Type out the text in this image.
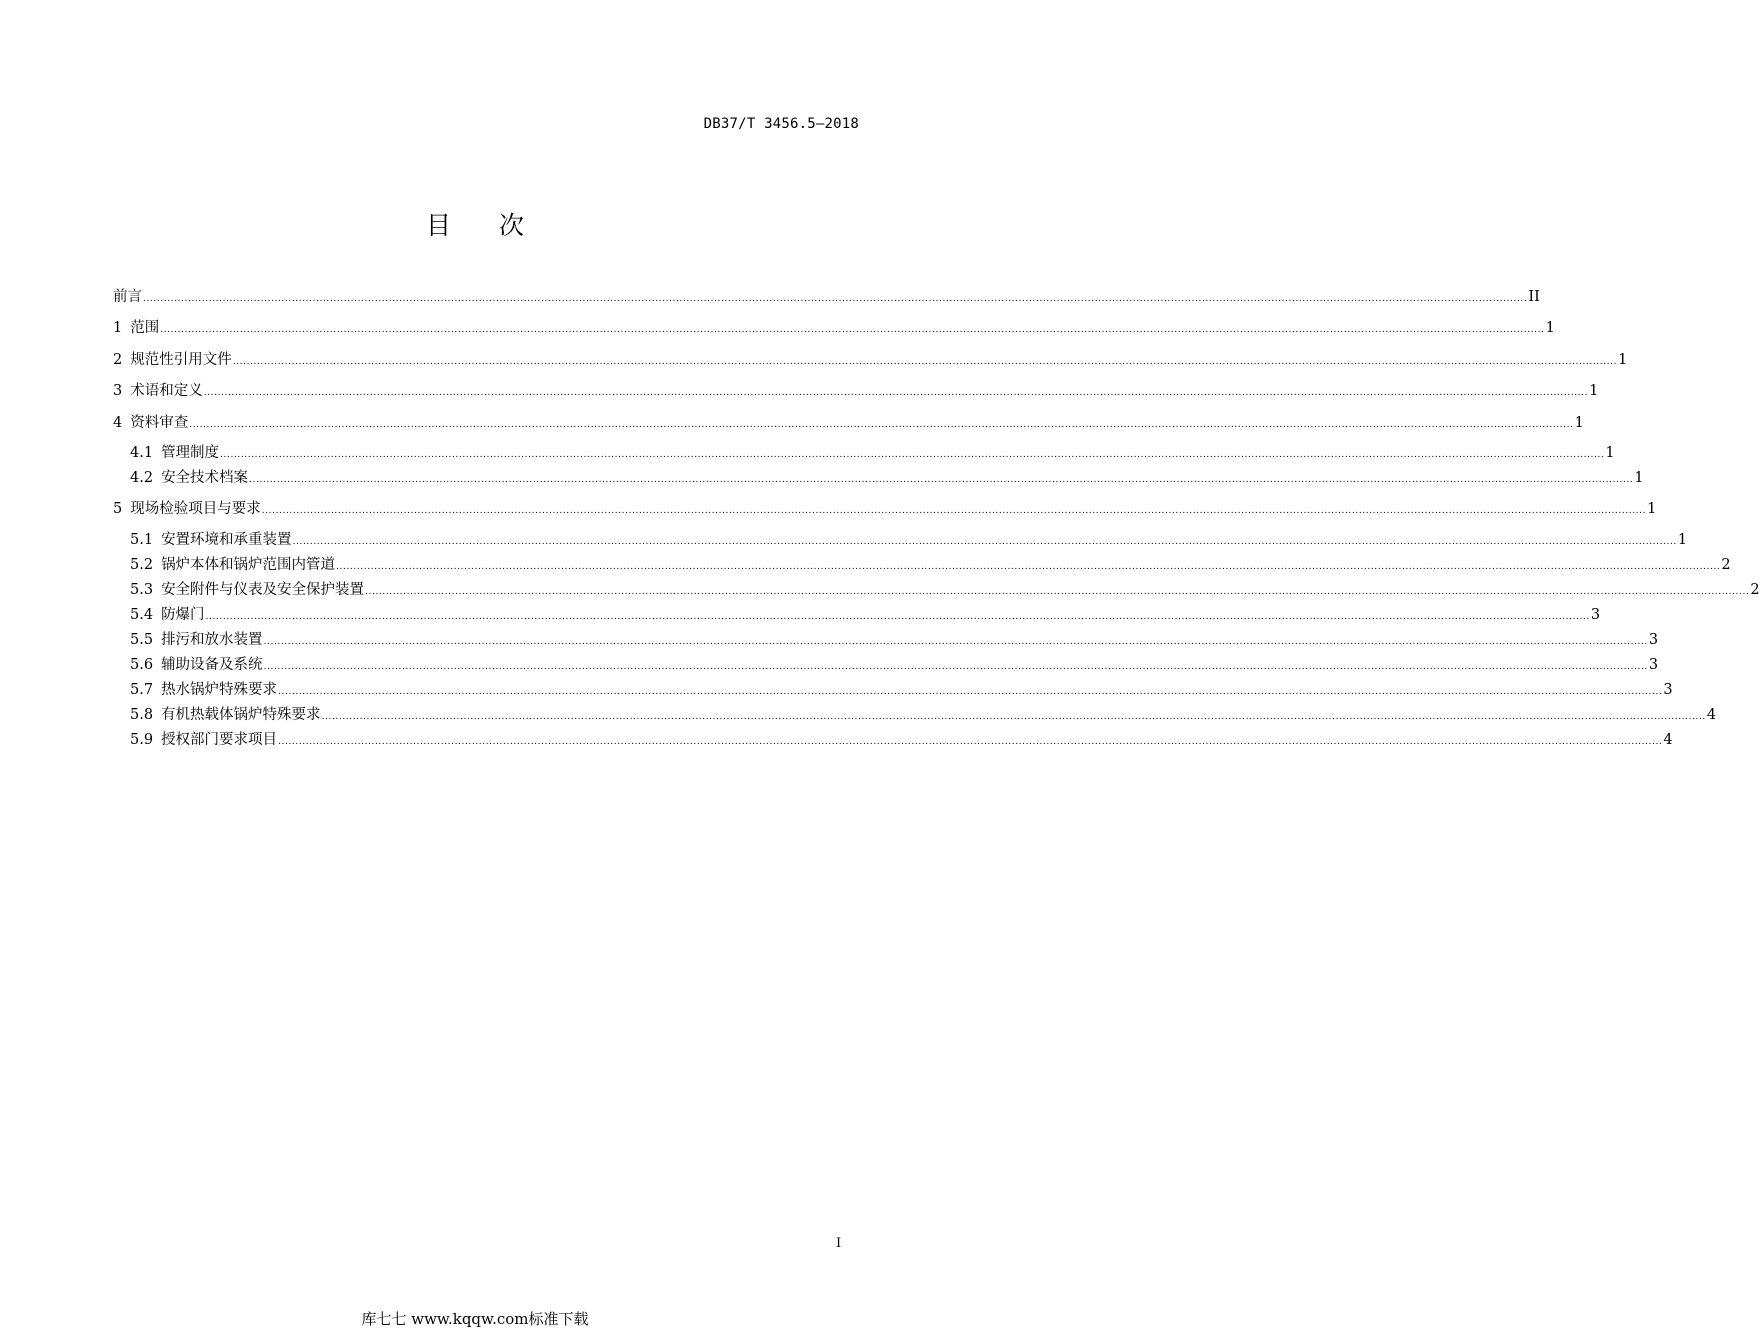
DB37/T 3456.5—2018
目次
前言 ................................................................................................................................................................................................................................................................................................................................................................................................................ II
1 范围 ................................................................................................................................................................................................................................................................................................................................................................................................................ 1
2 规范性引用文件 ................................................................................................................................................................................................................................................................................................................................................................................................................ 1
3 术语和定义 ................................................................................................................................................................................................................................................................................................................................................................................................................ 1
4 资料审查 ................................................................................................................................................................................................................................................................................................................................................................................................................ 1
4.1 管理制度 ................................................................................................................................................................................................................................................................................................................................................................................................................ 1
4.2 安全技术档案 ................................................................................................................................................................................................................................................................................................................................................................................................................ 1
5 现场检验项目与要求 ................................................................................................................................................................................................................................................................................................................................................................................................................ 1
5.1 安置环境和承重装置 ................................................................................................................................................................................................................................................................................................................................................................................................................ 1
5.2 锅炉本体和锅炉范围内管道 ................................................................................................................................................................................................................................................................................................................................................................................................................ 2
5.3 安全附件与仪表及安全保护装置 ................................................................................................................................................................................................................................................................................................................................................................................................................ 2
5.4 防爆门 ................................................................................................................................................................................................................................................................................................................................................................................................................ 3
5.5 排污和放水装置 ................................................................................................................................................................................................................................................................................................................................................................................................................ 3
5.6 辅助设备及系统 ................................................................................................................................................................................................................................................................................................................................................................................................................ 3
5.7 热水锅炉特殊要求 ................................................................................................................................................................................................................................................................................................................................................................................................................ 3
5.8 有机热载体锅炉特殊要求 ................................................................................................................................................................................................................................................................................................................................................................................................................ 4
5.9 授权部门要求项目 ................................................................................................................................................................................................................................................................................................................................................................................................................ 4
I
库七七 www.kqqw.com标准下载
